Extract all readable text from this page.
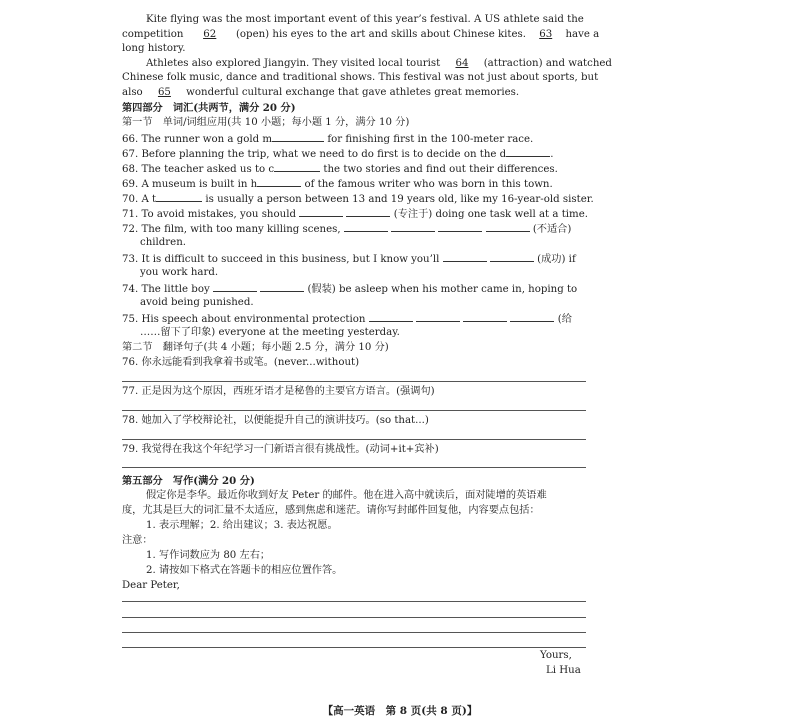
Kite flying was the most important event of this year’s festival. A US athlete said the
competition 62 (open) his eyes to the art and skills about Chinese kites. 63 have a
long history.
Athletes also explored Jiangyin. They visited local tourist 64 (attraction) and watched
Chinese folk music, dance and traditional shows. This festival was not just about sports, but
also 65 wonderful cultural exchange that gave athletes great memories.
第四部分　词汇(共两节，满分 20 分)
第一节　单词/词组应用(共 10 小题；每小题 1 分，满分 10 分)
66. The runner won a gold m	for finishing first in the 100-meter race.
67. Before planning the trip, what we need to do first is to decide on the d	.
68. The teacher asked us to c	the two stories and find out their differences.
69. A museum is built in h	of the famous writer who was born in this town.
70. A t	is usually a person between 13 and 19 years old, like my 16-year-old sister.
71. To avoid mistakes, you should	(专注于) doing one task well at a time.
72. The film, with too many killing scenes,	(不适合)
children.
73. It is difficult to succeed in this business, but I know you’ll	(成功) if
you work hard.
74. The little boy	(假装) be asleep when his mother came in, hoping to
avoid being punished.
75. His speech about environmental protection	(给
……留下了印象) everyone at the meeting yesterday.
第二节　翻译句子(共 4 小题；每小题 2.5 分，满分 10 分)
76. 你永远能看到我拿着书或笔。(never...without)
77. 正是因为这个原因，西班牙语才是秘鲁的主要官方语言。(强调句)
78. 她加入了学校辩论社，以便能提升自己的演讲技巧。(so that...)
79. 我觉得在我这个年纪学习一门新语言很有挑战性。(动词+it+宾补)
第五部分　写作(满分 20 分)
假定你是李华。最近你收到好友 Peter 的邮件。他在进入高中就读后，面对陡增的英语难
度，尤其是巨大的词汇量不太适应，感到焦虑和迷茫。请你写封邮件回复他，内容要点包括：
1. 表示理解；2. 给出建议；3. 表达祝愿。
注意：
1. 写作词数应为 80 左右；
2. 请按如下格式在答题卡的相应位置作答。
Dear Peter,
Yours,
Li Hua
【高一英语　第 8 页(共 8 页)】
